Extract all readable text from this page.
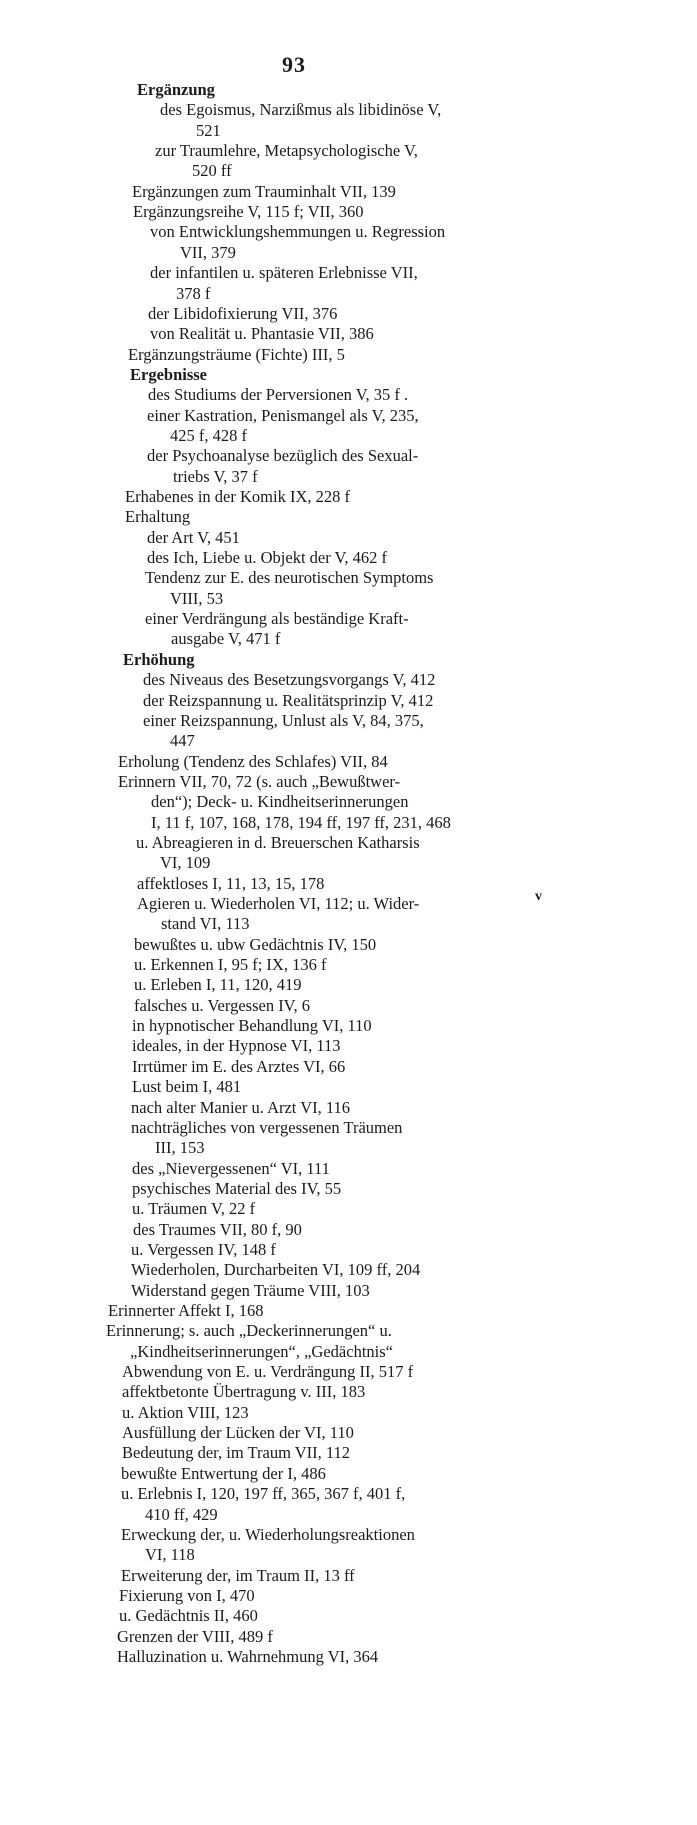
93
v
Ergänzung
des Egoismus, Narzißmus als libidinöse V,
521
zur Traumlehre, Metapsychologische V,
520 ff
Ergänzungen zum Trauminhalt VII, 139
Ergänzungsreihe V, 115 f; VII, 360
von Entwicklungshemmungen u. Regression
VII, 379
der infantilen u. späteren Erlebnisse VII,
378 f
der Libidofixierung VII, 376
von Realität u. Phantasie VII, 386
Ergänzungsträume (Fichte) III, 5
Ergebnisse
des Studiums der Perversionen V, 35 f .
einer Kastration, Penismangel als V, 235,
425 f, 428 f
der Psychoanalyse bezüglich des Sexual-
triebs V, 37 f
Erhabenes in der Komik IX, 228 f
Erhaltung
der Art V, 451
des Ich, Liebe u. Objekt der V, 462 f
Tendenz zur E. des neurotischen Symptoms
VIII, 53
einer Verdrängung als beständige Kraft-
ausgabe V, 471 f
Erhöhung
des Niveaus des Besetzungsvorgangs V, 412
der Reizspannung u. Realitätsprinzip V, 412
einer Reizspannung, Unlust als V, 84, 375,
447
Erholung (Tendenz des Schlafes) VII, 84
Erinnern VII, 70, 72 (s. auch „Bewußtwer-
den“); Deck- u. Kindheitserinnerungen
I, 11 f, 107, 168, 178, 194 ff, 197 ff, 231, 468
u. Abreagieren in d. Breuerschen Katharsis
VI, 109
affektloses I, 11, 13, 15, 178
Agieren u. Wiederholen VI, 112; u. Wider-
stand VI, 113
bewußtes u. ubw Gedächtnis IV, 150
u. Erkennen I, 95 f; IX, 136 f
u. Erleben I, 11, 120, 419
falsches u. Vergessen IV, 6
in hypnotischer Behandlung VI, 110
ideales, in der Hypnose VI, 113
Irrtümer im E. des Arztes VI, 66
Lust beim I, 481
nach alter Manier u. Arzt VI, 116
nachträgliches von vergessenen Träumen
III, 153
des „Nievergessenen“ VI, 111
psychisches Material des IV, 55
u. Träumen V, 22 f
des Traumes VII, 80 f, 90
u. Vergessen IV, 148 f
Wiederholen, Durcharbeiten VI, 109 ff, 204
Widerstand gegen Träume VIII, 103
Erinnerter Affekt I, 168
Erinnerung; s. auch „Deckerinnerungen“ u.
„Kindheitserinnerungen“, „Gedächtnis“
Abwendung von E. u. Verdrängung II, 517 f
affektbetonte Übertragung v. III, 183
u. Aktion VIII, 123
Ausfüllung der Lücken der VI, 110
Bedeutung der, im Traum VII, 112
bewußte Entwertung der I, 486
u. Erlebnis I, 120, 197 ff, 365, 367 f, 401 f,
410 ff, 429
Erweckung der, u. Wiederholungsreaktionen
VI, 118
Erweiterung der, im Traum II, 13 ff
Fixierung von I, 470
u. Gedächtnis II, 460
Grenzen der VIII, 489 f
Halluzination u. Wahrnehmung VI, 364
